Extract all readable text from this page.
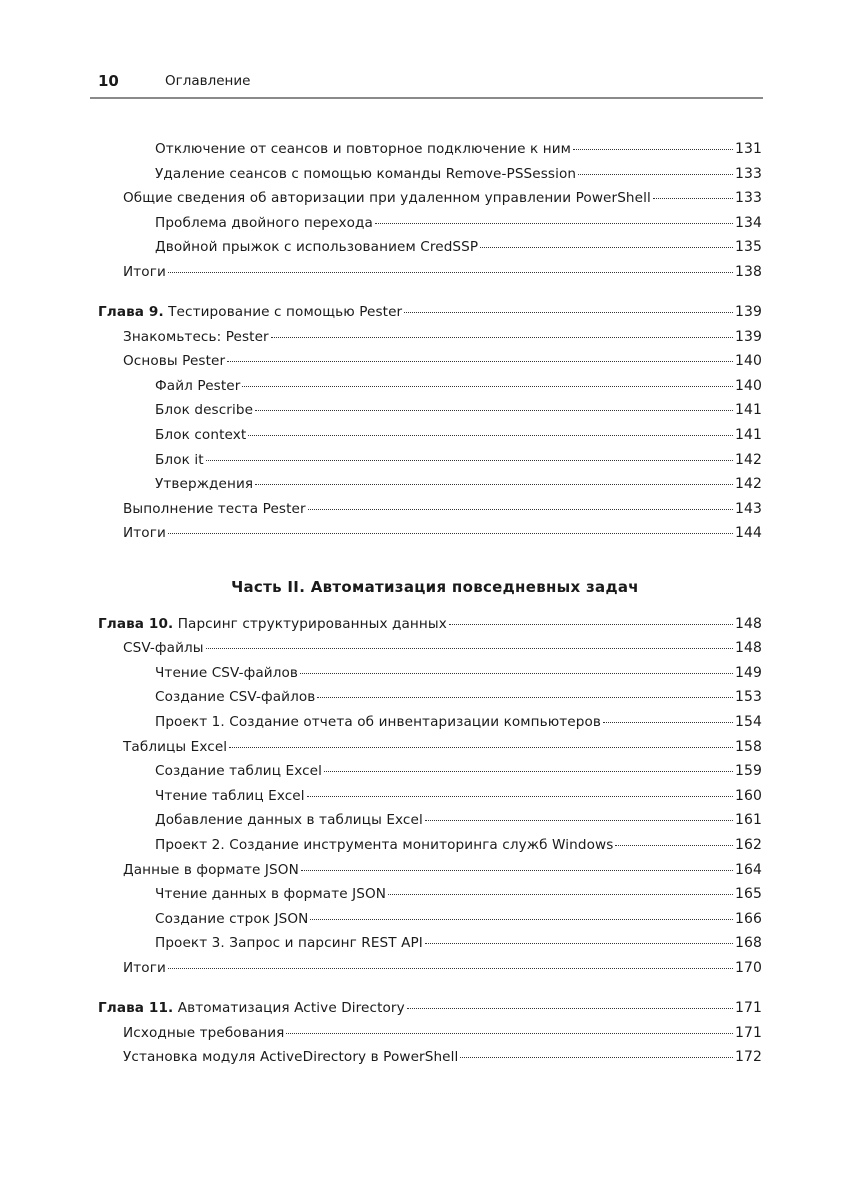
10	Оглавление
Отключение от сеансов и повторное подключение к ним	131
Удаление сеансов с помощью команды Remove-PSSession	133
Общие сведения об авторизации при удаленном управлении PowerShell	133
Проблема двойного перехода	134
Двойной прыжок с использованием CredSSP	135
Итоги	138
Глава 9. Тестирование с помощью Pester	139
Знакомьтесь: Pester	139
Основы Pester	140
Файл Pester	140
Блок describe	141
Блок context	141
Блок it	142
Утверждения	142
Выполнение теста Pester	143
Итоги	144
Часть II. Автоматизация повседневных задач
Глава 10. Парсинг структурированных данных	148
CSV-файлы	148
Чтение CSV-файлов	149
Создание CSV-файлов	153
Проект 1. Создание отчета об инвентаризации компьютеров	154
Таблицы Excel	158
Создание таблиц Excel	159
Чтение таблиц Excel	160
Добавление данных в таблицы Excel	161
Проект 2. Создание инструмента мониторинга служб Windows	162
Данные в формате JSON	164
Чтение данных в формате JSON	165
Создание строк JSON	166
Проект 3. Запрос и парсинг REST API	168
Итоги	170
Глава 11. Автоматизация Active Directory	171
Исходные требования	171
Установка модуля ActiveDirectory в PowerShell	172
